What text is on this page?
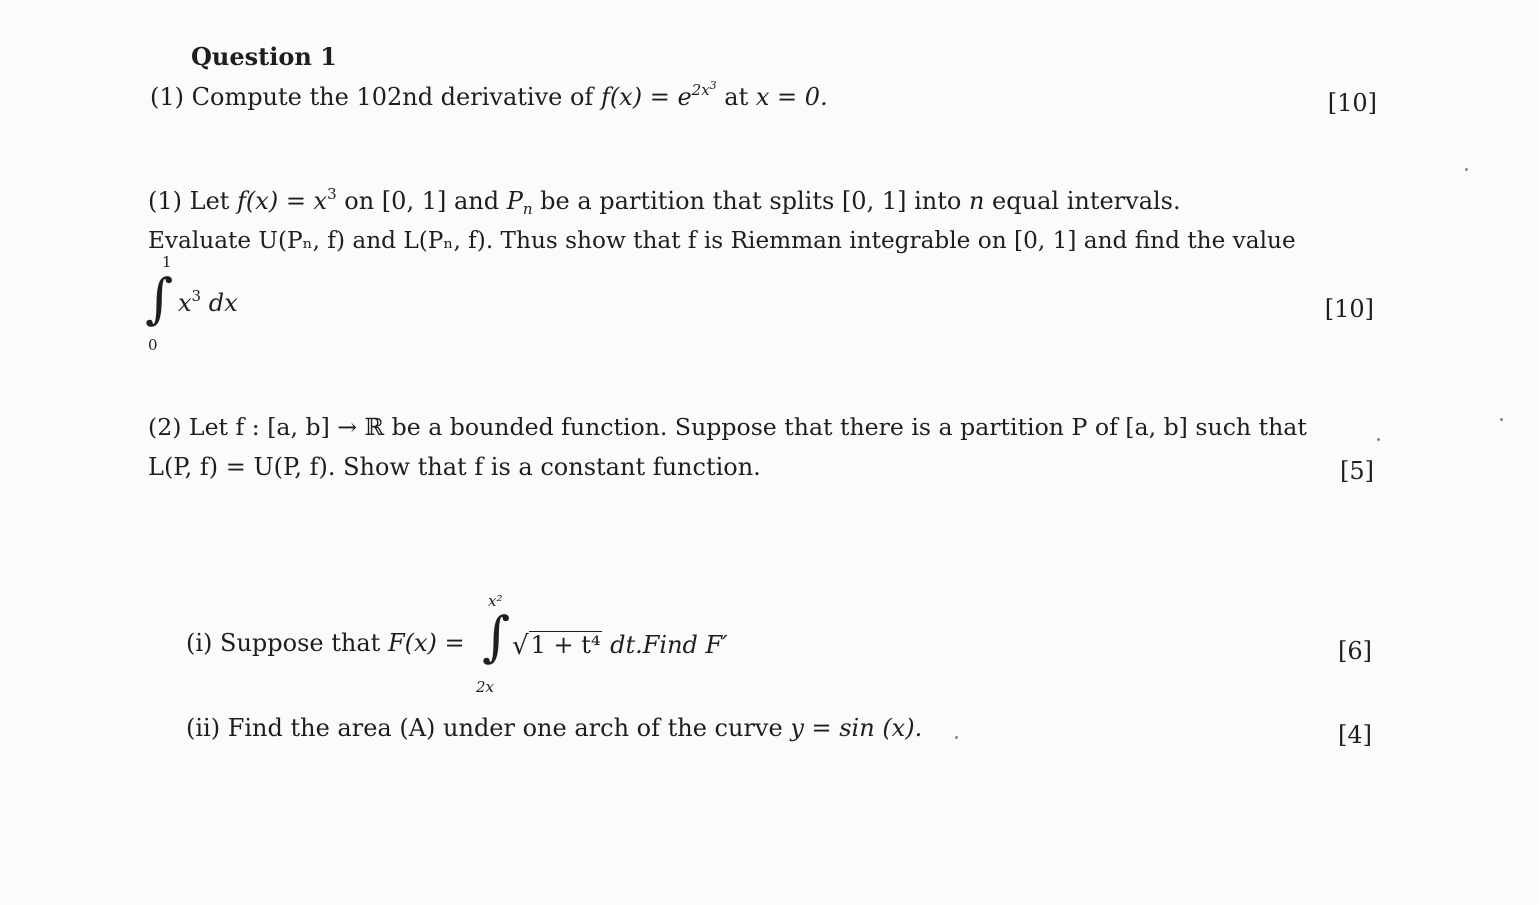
Question 1
(1) Compute the 102nd derivative of $f(x) = e^{2x^3}$ at x = 0.	[10]
(1) Let $f(x) = x^3$ on [0, 1] and $P_n$ be a partition that splits [0, 1] into n equal intervals.
Evaluate U(Pₙ, f) and L(Pₙ, f). Thus show that f is Riemman integrable on [0, 1] and find the value
1
∫
0
$x^3$ dx	[10]
(2) Let f : [a, b] → ℝ be a bounded function. Suppose that there is a partition P of [a, b] such that
L(P, f) = U(P, f). Show that f is a constant function.	[5]
(i) Suppose that F(x) =
x²
∫
2x
√1 + t⁴ dt.Find F′	[6]
(ii) Find the area (A) under one arch of the curve y = sin (x).	[4]
